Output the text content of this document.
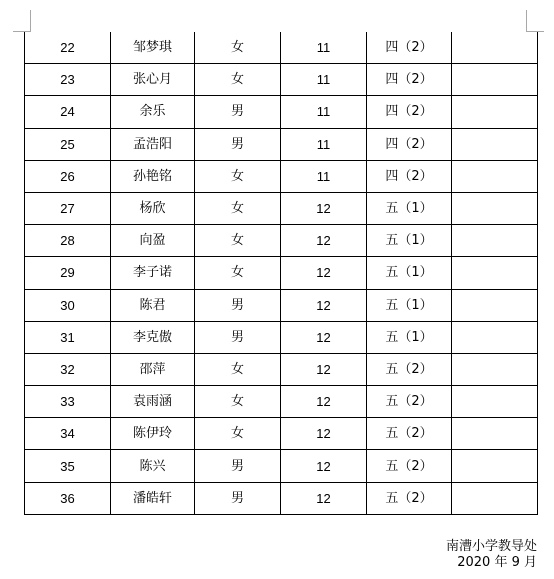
22	邹梦琪	女	11	四（2）	
23	张心月	女	11	四（2）	
24	余乐	男	11	四（2）	
25	孟浩阳	男	11	四（2）	
26	孙艳铭	女	11	四（2）	
27	杨欣	女	12	五（1）	
28	向盈	女	12	五（1）	
29	李子诺	女	12	五（1）	
30	陈君	男	12	五（1）	
31	李克傲	男	12	五（1）	
32	邵萍	女	12	五（2）	
33	袁雨涵	女	12	五（2）	
34	陈伊玲	女	12	五（2）	
35	陈兴	男	12	五（2）	
36	潘皓轩	男	12	五（2）	
南漕小学教导处
2020 年 9 月
